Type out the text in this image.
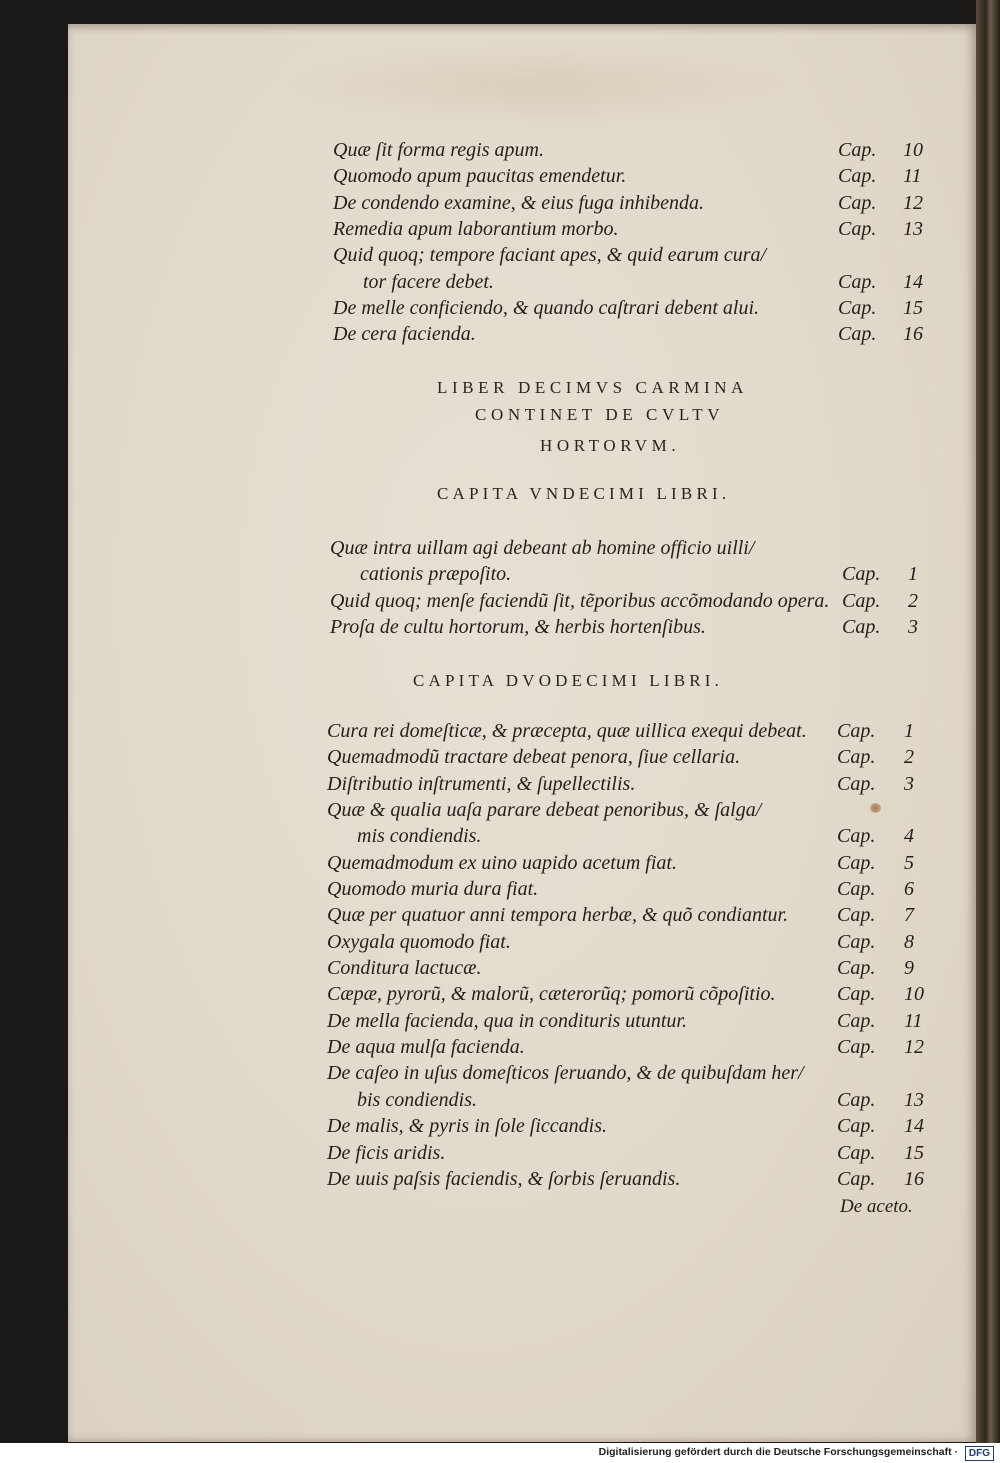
Quæ ſit forma regis apum.	Cap. 10
Quomodo apum paucitas emendetur.	Cap. 11
De condendo examine, & eius fuga inhibenda.	Cap. 12
Remedia apum laborantium morbo.	Cap. 13
Quid quoq; tempore faciant apes, & quid earum cura/
tor facere debet.	Cap. 14
De melle conficiendo, & quando caſtrari debent alui.	Cap. 15
De cera facienda.	Cap. 16
LIBER DECIMVS CARMINA
CONTINET DE CVLTV
HORTORVM.
CAPITA VNDECIMI LIBRI.
Quæ intra uillam agi debeant ab homine officio uilli/
cationis præpoſito.	Cap. 1
Quid quoq; menſe faciendũ ſit, tẽporibus accõmodando opera. Cap. 2
Proſa de cultu hortorum, & herbis hortenſibus.	Cap. 3
CAPITA DVODECIMI LIBRI.
Cura rei domeſticæ, & præcepta, quæ uillica exequi debeat. Cap. 1
Quemadmodũ tractare debeat penora, ſiue cellaria.	Cap. 2
Diſtributio inſtrumenti, & ſupellectilis.	Cap. 3
Quæ & qualia uaſa parare debeat penoribus, & ſalga/
mis condiendis.	Cap. 4
Quemadmodum ex uino uapido acetum fiat.	Cap. 5
Quomodo muria dura fiat.	Cap. 6
Quæ per quatuor anni tempora herbæ, & quõ condiantur. Cap. 7
Oxygala quomodo fiat.	Cap. 8
Conditura lactucæ.	Cap. 9
Cæpæ, pyrorũ, & malorũ, cæterorũq; pomorũ cõpoſitio.	Cap. 10
De mella facienda, qua in condituris utuntur.	Cap. 11
De aqua mulſa facienda.	Cap. 12
De caſeo in uſus domeſticos ſeruando, & de quibuſdam her/
bis condiendis.	Cap. 13
De malis, & pyris in ſole ſiccandis.	Cap. 14
De ficis aridis.	Cap. 15
De uuis paſsis faciendis, & ſorbis ſeruandis.	Cap. 16
De aceto.
Digitalisierung gefördert durch die Deutsche Forschungsgemeinschaft ·	DFG
